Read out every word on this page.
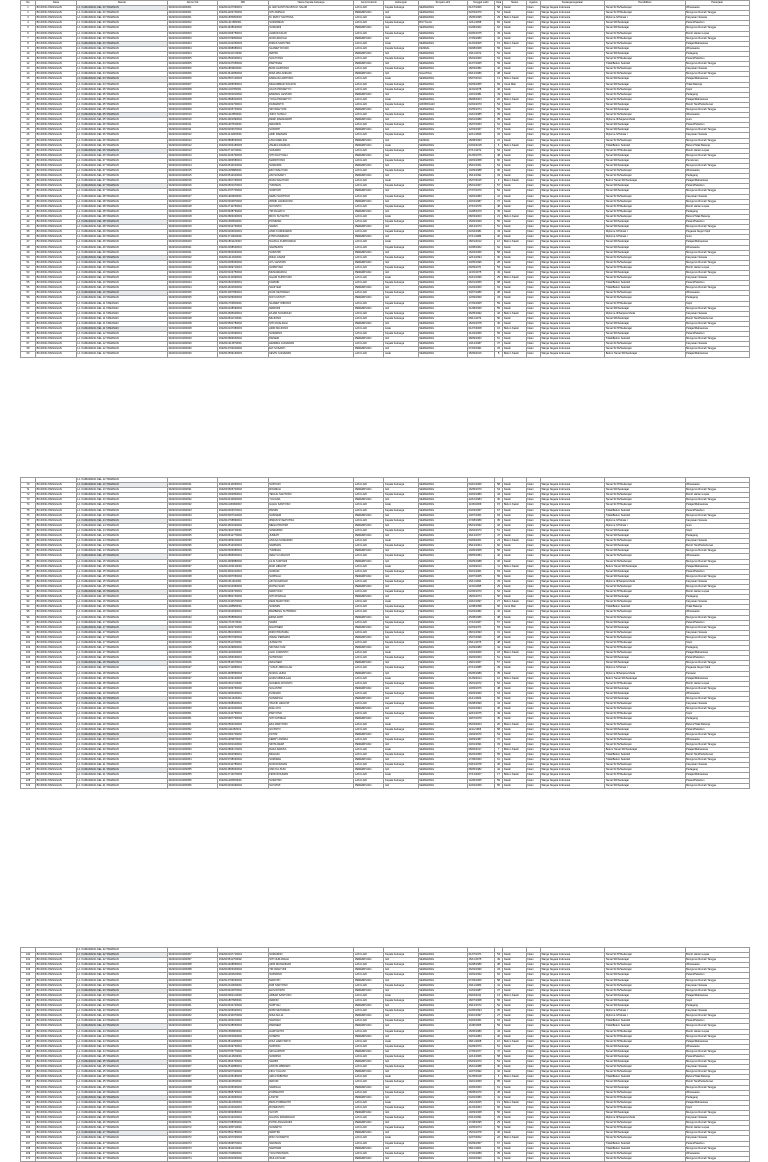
No	Desa	Alamat	Nomor Kk	NIK	Nama Kepala Keluarga	Jenis Kelamin	Hubungan	Tempat Lahir	Tanggal Lahir	Usia	Status	Agama	Kewarganegaraan	Pendidikan	Pekerjaan
1	BOJONG PAINGGAN	LJ. KAMARANG KEL.03 TAMANAN	3322010101000001	3322010107660001	H. EDI SANTOSA BIN M. SALIM	LAKI-LAKI	Kepala Keluarga	SEMARANG	01/07/1966	58	Kawin	Islam	Warga Negara Indonesia	Tamat SLTA/Sederajat	Wiraswasta
2	BOJONG PAINGGAN	LJ. KAMARANG KEL.03 TAMANAN	3322010101000001	3322014203700002	SITI AMINAH	PEREMPUAN	Istri	SEMARANG	02/03/1970	54	Kawin	Islam	Warga Negara Indonesia	Tamat SLTP/Sederajat	Mengurus Rumah Tangga
3	BOJONG PAINGGAN	LJ. KAMARANG KEL.03 TAMANAN	3322010101000001	3322011505950003	M. RIZKY SANTOSA	LAKI-LAKI	Anak	SEMARANG	15/05/1995	29	Belum Kawin	Islam	Warga Negara Indonesia	Diploma IV/Strata I	Karyawan Swasta
4	BOJONG PAINGGAN	LJ. KAMARANG KEL.03 TAMANAN	3322010101000002	3322011211580001	SUPARMAN	LAKI-LAKI	Kepala Keluarga	BOYOLALI	12/11/1958	66	Kawin	Islam	Warga Negara Indonesia	Tamat SD/Sederajat	Petani/Pekebun
5	BOJONG PAINGGAN	LJ. KAMARANG KEL.03 TAMANAN	3322010101000002	3322014408620002	SUMARNI	PEREMPUAN	Istri	SEMARANG	04/08/1962	62	Kawin	Islam	Warga Negara Indonesia	Tamat SD/Sederajat	Mengurus Rumah Tangga
6	BOJONG PAINGGAN	LJ. KAMARANG KEL.03 TAMANAN	3322010101000003	3322010306750001	AHMAD FAUZI	LAKI-LAKI	Kepala Keluarga	SEMARANG	03/06/1975	49	Kawin	Islam	Warga Negara Indonesia	Tamat SLTA/Sederajat	Buruh Harian Lepas
7	BOJONG PAINGGAN	LJ. KAMARANG KEL.03 TAMANAN	3322010101000003	3322015709800002	NUR HIDAYAH	PEREMPUAN	Istri	SEMARANG	17/09/1980	44	Kawin	Islam	Warga Negara Indonesia	Tamat SLTP/Sederajat	Mengurus Rumah Tangga
8	BOJONG PAINGGAN	LJ. KAMARANG KEL.03 TAMANAN	3322010101000003	3322012102050003	DIMAS SAPUTRA	LAKI-LAKI	Anak	SEMARANG	21/02/2005	19	Belum Kawin	Islam	Warga Negara Indonesia	Tamat SLTA/Sederajat	Pelajar/Mahasiswa
9	BOJONG PAINGGAN	LJ. KAMARANG KEL.03 TAMANAN	3322010101000004	3322010908680001	SLAMET RIYADI	LAKI-LAKI	Kepala Keluarga	KENDAL	09/08/1968	56	Kawin	Islam	Warga Negara Indonesia	Tamat SD/Sederajat	Wiraswasta
10	BOJONG PAINGGAN	LJ. KAMARANG KEL.03 TAMANAN	3322010101000004	3322015011720002	WATINI	PEREMPUAN	Istri	SEMARANG	10/11/1972	52	Kawin	Islam	Warga Negara Indonesia	Tamat SD/Sederajat	Pedagang
11	BOJONG PAINGGAN	LJ. KAMARANG KEL.04 TAMANAN	3322010101000005	3322012504600001	SUGIYONO	LAKI-LAKI	Kepala Keluarga	SEMARANG	25/04/1960	64	Kawin	Islam	Warga Negara Indonesia	Tamat SLTP/Sederajat	Petani/Pekebun
12	BOJONG PAINGGAN	LJ. KAMARANG KEL.04 TAMANAN	3322010101000005	3322016107650002	PARTINAH	PEREMPUAN	Istri	SEMARANG	21/07/1965	59	Kawin	Islam	Warga Negara Indonesia	Tidak/Belum Sekolah	Mengurus Rumah Tangga
13	BOJONG PAINGGAN	LJ. KAMARANG KEL.04 TAMANAN	3322010101000006	3322011803820001	BUDI HARTONO	LAKI-LAKI	Kepala Keluarga	SEMARANG	18/03/1982	42	Kawin	Islam	Warga Negara Indonesia	Tamat SLTA/Sederajat	Karyawan Swasta
14	BOJONG PAINGGAN	LJ. KAMARANG KEL.04 TAMANAN	3322010101000006	3322014612860002	RINA WULANDARI	PEREMPUAN	Istri	SALATIGA	06/12/1986	38	Kawin	Islam	Warga Negara Indonesia	Tamat SLTA/Sederajat	Mengurus Rumah Tangga
15	BOJONG PAINGGAN	LJ. KAMARANG KEL.04 TAMANAN	3322010101000006	3322010507100003	FARHAN HARTONO	LAKI-LAKI	Anak	SEMARANG	05/07/2010	14	Belum Kawin	Islam	Warga Negara Indonesia	Tamat SD/Sederajat	Pelajar/Mahasiswa
16	BOJONG PAINGGAN	LJ. KAMARANG KEL.04 TAMANAN	3322010101000007	3322012009550001	MUHAMMAD SOLIKIN	LAKI-LAKI	Kepala Keluarga	SEMARANG	20/09/1955	69	Cerai Mati	Islam	Warga Negara Indonesia	Tamat SD/Sederajat	Tidak Bekerja
17	BOJONG PAINGGAN	LJ. KAMARANG KEL.05 TAMANAN	3322010101000008	3322011104780001	AGUS PRASETYO	LAKI-LAKI	Kepala Keluarga	SEMARANG	11/04/1978	46	Kawin	Islam	Warga Negara Indonesia	Tamat SLTA/Sederajat	Sopir
18	BOJONG PAINGGAN	LJ. KAMARANG KEL.05 TAMANAN	3322010101000008	3322015301810002	ENDANG LESTARI	PEREMPUAN	Istri	SEMARANG	13/01/1981	43	Kawin	Islam	Warga Negara Indonesia	Tamat SLTA/Sederajat	Pedagang
19	BOJONG PAINGGAN	LJ. KAMARANG KEL.05 TAMANAN	3322010101000008	3322012808040003	YOGA PRASETYO	LAKI-LAKI	Anak	SEMARANG	28/08/2004	20	Belum Kawin	Islam	Warga Negara Indonesia	Tamat SLTA/Sederajat	Pelajar/Mahasiswa
20	BOJONG PAINGGAN	LJ. KAMARANG KEL.05 TAMANAN	3322010101000009	3322010202700001	KASMANTO	LAKI-LAKI	Kepala Keluarga	GROBOGAN	02/02/1970	54	Kawin	Islam	Warga Negara Indonesia	Tamat SD/Sederajat	Buruh Tani/Perkebunan
21	BOJONG PAINGGAN	LJ. KAMARANG KEL.05 TAMANAN	3322010101000009	3322016405740002	SRI WAHYUNI	PEREMPUAN	Istri	SEMARANG	24/05/1974	50	Kawin	Islam	Warga Negara Indonesia	Tamat SD/Sederajat	Mengurus Rumah Tangga
22	BOJONG PAINGGAN	LJ. KAMARANG KEL.05 TAMANAN	3322010101000010	3322011410850001	JOKO SUSILO	LAKI-LAKI	Kepala Keluarga	SEMARANG	14/10/1985	39	Kawin	Islam	Warga Negara Indonesia	Tamat SLTA/Sederajat	Wiraswasta
23	BOJONG PAINGGAN	LJ. KAMARANG KEL.05 TAMANAN	3322010101000010	3322014901890002	DEWI RAHMAWATI	PEREMPUAN	Istri	SEMARANG	09/01/1989	35	Kawin	Islam	Warga Negara Indonesia	Diploma III/Sarjana Muda	Guru
24	BOJONG PAINGGAN	LJ. KAMARANG KEL.06 TAMANAN	3322010101000011	3322011607630001	WAGIMIN	LAKI-LAKI	Kepala Keluarga	SEMARANG	16/07/1963	61	Kawin	Islam	Warga Negara Indonesia	Tamat SD/Sederajat	Petani/Pekebun
25	BOJONG PAINGGAN	LJ. KAMARANG KEL.06 TAMANAN	3322010101000011	3322015203670002	SUPARTI	PEREMPUAN	Istri	SEMARANG	12/03/1967	57	Kawin	Islam	Warga Negara Indonesia	Tamat SD/Sederajat	Mengurus Rumah Tangga
26	BOJONG PAINGGAN	LJ. KAMARANG KEL.06 TAMANAN	3322010101000012	3322012211900001	ARIF RAHMAN	LAKI-LAKI	Kepala Keluarga	SEMARANG	22/11/1990	34	Kawin	Islam	Warga Negara Indonesia	Diploma IV/Strata I	Karyawan Swasta
27	BOJONG PAINGGAN	LJ. KAMARANG KEL.06 TAMANAN	3322010101000012	3322015808930002	LINA MARLINA	PEREMPUAN	Istri	KENDAL	18/08/1993	31	Kawin	Islam	Warga Negara Indonesia	Tamat SLTA/Sederajat	Mengurus Rumah Tangga
28	BOJONG PAINGGAN	LJ. KAMARANG KEL.06 TAMANAN	3322010101000012	3322010304180003	ZAHRA RAHMAN	PEREMPUAN	Anak	SEMARANG	03/04/2018	6	Belum Kawin	Islam	Warga Negara Indonesia	Tidak/Belum Sekolah	Belum/Tidak Bekerja
29	BOJONG PAINGGAN	LJ. KAMARANG KEL.06 TAMANAN	3322010101000013	3322010711720001	SUKARDI	LAKI-LAKI	Kepala Keluarga	SEMARANG	07/11/1972	52	Kawin	Islam	Warga Negara Indonesia	Tamat SLTP/Sederajat	Buruh Harian Lepas
30	BOJONG PAINGGAN	LJ. KAMARANG KEL.06 TAMANAN	3322010101000013	3322014106760002	SITI KHOTIJAH	PEREMPUAN	Istri	SEMARANG	01/06/1976	48	Kawin	Islam	Warga Negara Indonesia	Tamat SD/Sederajat	Mengurus Rumah Tangga
31	BOJONG PAINGGAN	LJ. KAMARANG KEL.07 TAMANAN	3322010101000014	3322012903580001	MARDIYONO	LAKI-LAKI	Kepala Keluarga	SEMARANG	29/03/1958	66	Kawin	Islam	Warga Negara Indonesia	Tamat SD/Sederajat	Pensiunan
32	BOJONG PAINGGAN	LJ. KAMARANG KEL.07 TAMANAN	3322010101000014	3322016510610002	SUWARNI	PEREMPUAN	Istri	SEMARANG	25/10/1961	63	Kawin	Islam	Warga Negara Indonesia	Tamat SD/Sederajat	Mengurus Rumah Tangga
33	BOJONG PAINGGAN	LJ. KAMARANG KEL.07 TAMANAN	3322010101000015	3322011009880001	EKO WAHYUDI	LAKI-LAKI	Kepala Keluarga	SEMARANG	10/09/1988	36	Kawin	Islam	Warga Negara Indonesia	Tamat SLTA/Sederajat	Wiraswasta
34	BOJONG PAINGGAN	LJ. KAMARANG KEL.07 TAMANAN	3322010101000015	3322015512910002	ANI SUSANTI	PEREMPUAN	Istri	SEMARANG	15/12/1991	33	Kawin	Islam	Warga Negara Indonesia	Tamat SLTA/Sederajat	Pedagang
35	BOJONG PAINGGAN	LJ. KAMARANG KEL.07 TAMANAN	3322010101000015	3322012607150003	RAFA WAHYUDI	LAKI-LAKI	Anak	SEMARANG	26/07/2015	9	Belum Kawin	Islam	Warga Negara Indonesia	Belum Tamat SD/Sederajat	Pelajar/Mahasiswa
36	BOJONG PAINGGAN	LJ. KAMARANG KEL.07 TAMANAN	3322010101000016	3322010501670001	TUKIMAN	LAKI-LAKI	Kepala Keluarga	SEMARANG	05/01/1967	57	Kawin	Islam	Warga Negara Indonesia	Tamat SD/Sederajat	Petani/Pekebun
37	BOJONG PAINGGAN	LJ. KAMARANG KEL.07 TAMANAN	3322010101000016	3322014707700002	SUMIYATI	PEREMPUAN	Istri	SEMARANG	07/07/1970	54	Kawin	Islam	Warga Negara Indonesia	Tamat SD/Sederajat	Mengurus Rumah Tangga
38	BOJONG PAINGGAN	LJ. KAMARANG KEL.08 TAMANAN	3322010101000017	3322011902830001	HERU SANTOSO	LAKI-LAKI	Kepala Keluarga	SEMARANG	19/02/1983	41	Kawin	Islam	Warga Negara Indonesia	Tamat SLTA/Sederajat	Karyawan Swasta
39	BOJONG PAINGGAN	LJ. KAMARANG KEL.08 TAMANAN	3322010101000017	3322016304870002	WIWIK HANDAYANI	PEREMPUAN	Istri	SEMARANG	23/04/1987	37	Kawin	Islam	Warga Negara Indonesia	Tamat SLTA/Sederajat	Mengurus Rumah Tangga
40	BOJONG PAINGGAN	LJ. KAMARANG KEL.08 TAMANAN	3322010101000018	3322012710760001	SUYANTO	LAKI-LAKI	Kepala Keluarga	SEMARANG	27/10/1976	48	Kawin	Islam	Warga Negara Indonesia	Tamat SLTP/Sederajat	Buruh Harian Lepas
41	BOJONG PAINGGAN	LJ. KAMARANG KEL.08 TAMANAN	3322010101000018	3322015408790002	TRI RAHAYU	PEREMPUAN	Istri	SEMARANG	14/08/1979	45	Kawin	Islam	Warga Negara Indonesia	Tamat SLTP/Sederajat	Pedagang
42	BOJONG PAINGGAN	LJ. KAMARANG KEL.08 TAMANAN	3322010101000018	3322010803030003	BAYU SUYANTO	LAKI-LAKI	Anak	SEMARANG	08/03/2003	21	Belum Kawin	Islam	Warga Negara Indonesia	Tamat SLTA/Sederajat	Belum/Tidak Bekerja
43	BOJONG PAINGGAN	LJ. KAMARANG KEL.08 TAMANAN	3322010101000019	3322011506690001	PONIMAN	LAKI-LAKI	Kepala Keluarga	SEMARANG	15/06/1969	55	Kawin	Islam	Warga Negara Indonesia	Tamat SD/Sederajat	Petani/Pekebun
44	BOJONG PAINGGAN	LJ. KAMARANG KEL.08 TAMANAN	3322010101000019	3322015912730002	SARMI	PEREMPUAN	Istri	SEMARANG	19/12/1973	51	Kawin	Islam	Warga Negara Indonesia	Tamat SD/Sederajat	Mengurus Rumah Tangga
45	BOJONG PAINGGAN	LJ. KAMARANG KEL.09 TAMANAN	3322010101000020	3322010204810001	ANDI KURNIAWAN	LAKI-LAKI	Kepala Keluarga	SEMARANG	02/04/1981	43	Kawin	Islam	Warga Negara Indonesia	Diploma IV/Strata I	Pegawai Negeri Sipil
46	BOJONG PAINGGAN	LJ. KAMARANG KEL.09 TAMANAN	3322010101000020	3322014711840002	FITRI ANDRIANI	PEREMPUAN	Istri	SEMARANG	07/11/1984	40	Kawin	Islam	Warga Negara Indonesia	Diploma IV/Strata I	Guru
47	BOJONG PAINGGAN	LJ. KAMARANG KEL.09 TAMANAN	3322010101000020	3322011801120003	NAUFAL KURNIAWAN	LAKI-LAKI	Anak	SEMARANG	18/01/2012	12	Belum Kawin	Islam	Warga Negara Indonesia	Tamat SD/Sederajat	Pelajar/Mahasiswa
48	BOJONG PAINGGAN	LJ. KAMARANG KEL.09 TAMANAN	3322010101000021	3322012308620001	SAMSUDIN	LAKI-LAKI	Kepala Keluarga	SEMARANG	23/08/1962	62	Kawin	Islam	Warga Negara Indonesia	Tamat SD/Sederajat	Wiraswasta
49	BOJONG PAINGGAN	LJ. KAMARANG KEL.09 TAMANAN	3322010101000021	3322015602660002	SURATMI	PEREMPUAN	Istri	SEMARANG	16/02/1966	58	Kawin	Islam	Warga Negara Indonesia	Tamat SD/Sederajat	Mengurus Rumah Tangga
50	BOJONG PAINGGAN	LJ. KAMARANG KEL.09 TAMANAN	3322010101000022	3322011212940001	RIZAL FAHMI	LAKI-LAKI	Kepala Keluarga	SEMARANG	12/12/1994	30	Kawin	Islam	Warga Negara Indonesia	Tamat SLTA/Sederajat	Karyawan Swasta
51	BOJONG PAINGGAN	LJ. KAMARANG KEL.09 TAMANAN	3322010101000022	3322016005960002	AYU LESTARI	PEREMPUAN	Istri	SEMARANG	20/05/1996	28	Kawin	Islam	Warga Negara Indonesia	Tamat SLTA/Sederajat	Mengurus Rumah Tangga
52	BOJONG PAINGGAN	LJ. KAMARANG KEL.10 TAMANAN	3322010101000023	3322010909710001	SUPRIYADI	LAKI-LAKI	Kepala Keluarga	SEMARANG	09/09/1971	53	Kawin	Islam	Warga Negara Indonesia	Tamat SLTP/Sederajat	Buruh Harian Lepas
53	BOJONG PAINGGAN	LJ. KAMARANG KEL.10 TAMANAN	3322010101000023	3322015103750002	MUNAWAROH	PEREMPUAN	Istri	SEMARANG	11/03/1975	49	Kawin	Islam	Warga Negara Indonesia	Tamat SD/Sederajat	Mengurus Rumah Tangga
54	BOJONG PAINGGAN	LJ. KAMARANG KEL.10 TAMANAN	3322010101000023	3322012410990003	ILHAM SUPRIYADI	LAKI-LAKI	Anak	SEMARANG	24/10/1999	25	Belum Kawin	Islam	Warga Negara Indonesia	Tamat SLTA/Sederajat	Karyawan Swasta
55	BOJONG PAINGGAN	LJ. KAMARANG KEL.10 TAMANAN	3322010101000024	3322010601560001	KARMIN	LAKI-LAKI	Kepala Keluarga	SEMARANG	06/01/1956	68	Kawin	Islam	Warga Negara Indonesia	Tidak/Belum Sekolah	Petani/Pekebun
56	BOJONG PAINGGAN	LJ. KAMARANG KEL.10 TAMANAN	3322010101000024	3322014404600002	SANIYEM	PEREMPUAN	Istri	SEMARANG	04/04/1960	64	Kawin	Islam	Warga Negara Indonesia	Tidak/Belum Sekolah	Mengurus Rumah Tangga
57	BOJONG PAINGGAN	LJ. KAMARANG KEL.10 TAMANAN	3322010101000025	3322013007860001	DANI SETIAWAN	LAKI-LAKI	Kepala Keluarga	SEMARANG	30/07/1986	38	Kawin	Islam	Warga Negara Indonesia	Tamat SLTA/Sederajat	Wiraswasta
58	BOJONG PAINGGAN	LJ. KAMARANG KEL.10 TAMANAN	3322010101000025	3322015209900002	NOVI ASTUTI	PEREMPUAN	Istri	SEMARANG	12/09/1990	34	Kawin	Islam	Warga Negara Indonesia	Tamat SLTA/Sederajat	Pedagang
59	BOJONG PAINGGAN	LJ. KAMARANG KEL.11 TAMANAN	3322010101000026	3322011703650001	SLAMET WIDODO	LAKI-LAKI	Kepala Keluarga	SEMARANG	17/03/1965	59	Kawin	Islam	Warga Negara Indonesia	Tamat SLTP/Sederajat	Sopir
60	BOJONG PAINGGAN	LJ. KAMARANG KEL.11 TAMANAN	3322010101000026	3322016108690002	WARSINI	PEREMPUAN	Istri	SEMARANG	21/08/1969	55	Kawin	Islam	Warga Negara Indonesia	Tamat SD/Sederajat	Mengurus Rumah Tangga
61	BOJONG PAINGGAN	LJ. KAMARANG KEL.11 TAMANAN	3322010101000027	3322012605920001	FAJAR NUGROHO	LAKI-LAKI	Kepala Keluarga	SEMARANG	26/05/1992	32	Belum Kawin	Islam	Warga Negara Indonesia	Diploma III/Sarjana Muda	Karyawan Swasta
62	BOJONG PAINGGAN	LJ. KAMARANG KEL.11 TAMANAN	3322010101000028	3322010811740001	MUJIONO	LAKI-LAKI	Kepala Keluarga	SEMARANG	08/11/1974	50	Kawin	Islam	Warga Negara Indonesia	Tamat SD/Sederajat	Buruh Tani/Perkebunan
63	BOJONG PAINGGAN	LJ. KAMARANG KEL.11 TAMANAN	3322010101000028	3322015502780002	SITI MUALIFAH	PEREMPUAN	Istri	SEMARANG	15/02/1978	46	Kawin	Islam	Warga Negara Indonesia	Tamat SD/Sederajat	Mengurus Rumah Tangga
64	BOJONG PAINGGAN	LJ. KAMARANG KEL.11 TAMANAN	3322010101000028	3322010107080003	ARDI MUJIONO	LAKI-LAKI	Anak	SEMARANG	01/07/2008	16	Belum Kawin	Islam	Warga Negara Indonesia	Tamat SLTP/Sederajat	Pelajar/Mahasiswa
65	BOJONG PAINGGAN	LJ. KAMARANG KEL.12 TAMANAN	3322010101000029	3322012104590001	SUDARNO	LAKI-LAKI	Kepala Keluarga	SEMARANG	21/04/1959	65	Kawin	Islam	Warga Negara Indonesia	Tamat SD/Sederajat	Petani/Pekebun
66	BOJONG PAINGGAN	LJ. KAMARANG KEL.12 TAMANAN	3322010101000029	3322016809630002	PAINEM	PEREMPUAN	Istri	SEMARANG	28/09/1963	61	Kawin	Islam	Warga Negara Indonesia	Tidak/Belum Sekolah	Mengurus Rumah Tangga
67	BOJONG PAINGGAN	LJ. KAMARANG KEL.12 TAMANAN	3322010101000030	3322011312870001	HENDRA GUNAWAN	LAKI-LAKI	Kepala Keluarga	SEMARANG	13/12/1987	37	Kawin	Islam	Warga Negara Indonesia	Tamat SLTA/Sederajat	Karyawan Swasta
68	BOJONG PAINGGAN	LJ. KAMARANG KEL.12 TAMANAN	3322010101000030	3322014703910002	EVI SUSANTI	PEREMPUAN	Istri	SEMARANG	07/03/1991	33	Kawin	Islam	Warga Negara Indonesia	Tamat SLTA/Sederajat	Mengurus Rumah Tangga
69	BOJONG PAINGGAN	LJ. KAMARANG KEL.12 TAMANAN	3322010101000030	3322012509160003	KEVIN GUNAWAN	LAKI-LAKI	Anak	SEMARANG	25/09/2016	8	Belum Kawin	Islam	Warga Negara Indonesia	Belum Tamat SD/Sederajat	Pelajar/Mahasiswa
		LJ. KAMARANG KEL.12 TAMANAN													
70	BOJONG PAINGGAN	LJ. KAMARANG KEL.13 TAMANAN	3322010101000031	3322010410660001	SURYADI	LAKI-LAKI	Kepala Keluarga	SEMARANG	04/10/1966	58	Kawin	Islam	Warga Negara Indonesia	Tamat SLTP/Sederajat	Wiraswasta
71	BOJONG PAINGGAN	LJ. KAMARANG KEL.13 TAMANAN	3322010101000031	3322015605700002	ROHMAH	PEREMPUAN	Istri	SEMARANG	16/05/1970	54	Kawin	Islam	Warga Negara Indonesia	Tamat SD/Sederajat	Mengurus Rumah Tangga
72	BOJONG PAINGGAN	LJ. KAMARANG KEL.13 TAMANAN	3322010101000032	3322012002800001	TEGUH SANTOSO	LAKI-LAKI	Kepala Keluarga	SEMARANG	20/02/1980	44	Kawin	Islam	Warga Negara Indonesia	Tamat SLTA/Sederajat	Buruh Harian Lepas
73	BOJONG PAINGGAN	LJ. KAMARANG KEL.13 TAMANAN	3322010101000032	3322016210840002	YULIANA	PEREMPUAN	Istri	SEMARANG	22/10/1984	40	Kawin	Islam	Warga Negara Indonesia	Tamat SLTA/Sederajat	Mengurus Rumah Tangga
74	BOJONG PAINGGAN	LJ. KAMARANG KEL.13 TAMANAN	3322010101000032	3322011106090003	GALIH SANTOSO	LAKI-LAKI	Anak	SEMARANG	11/06/2009	15	Belum Kawin	Islam	Warga Negara Indonesia	Tamat SLTP/Sederajat	Pelajar/Mahasiswa
75	BOJONG PAINGGAN	LJ. KAMARANG KEL.13 TAMANAN	3322010101000033	3322010303570001	PAIMIN	LAKI-LAKI	Kepala Keluarga	SEMARANG	03/03/1957	67	Kawin	Islam	Warga Negara Indonesia	Tidak/Belum Sekolah	Petani/Pekebun
76	BOJONG PAINGGAN	LJ. KAMARANG KEL.13 TAMANAN	3322010101000033	3322015007610002	SUKINEM	PEREMPUAN	Istri	SEMARANG	10/07/1961	63	Kawin	Islam	Warga Negara Indonesia	Tidak/Belum Sekolah	Mengurus Rumah Tangga
77	BOJONG PAINGGAN	LJ. KAMARANG KEL.14 TAMANAN	3322010101000034	3322012708890001	IRWAN SYAHPUTRA	LAKI-LAKI	Kepala Keluarga	SEMARANG	27/08/1989	35	Kawin	Islam	Warga Negara Indonesia	Diploma IV/Strata I	Karyawan Swasta
78	BOJONG PAINGGAN	LJ. KAMARANG KEL.14 TAMANAN	3322010101000034	3322014501920002	MEGA PRATIWI	PEREMPUAN	Istri	SEMARANG	05/01/1992	32	Kawin	Islam	Warga Negara Indonesia	Diploma IV/Strata I	Guru
79	BOJONG PAINGGAN	LJ. KAMARANG KEL.14 TAMANAN	3322010101000035	3322011904730001	SUWARNO	LAKI-LAKI	Kepala Keluarga	SEMARANG	19/04/1973	51	Kawin	Islam	Warga Negara Indonesia	Tamat SD/Sederajat	Sopir
80	BOJONG PAINGGAN	LJ. KAMARANG KEL.14 TAMANAN	3322010101000035	3322016612770002	JUMIATI	PEREMPUAN	Istri	SEMARANG	26/12/1977	47	Kawin	Islam	Warga Negara Indonesia	Tamat SD/Sederajat	Pedagang
81	BOJONG PAINGGAN	LJ. KAMARANG KEL.14 TAMANAN	3322010101000035	3322010909010003	ANGGA SUWARNO	LAKI-LAKI	Anak	SEMARANG	09/09/2001	23	Belum Kawin	Islam	Warga Negara Indonesia	Tamat SLTA/Sederajat	Karyawan Swasta
82	BOJONG PAINGGAN	LJ. KAMARANG KEL.14 TAMANAN	3322010101000036	3322012512640001	SARIMAN	LAKI-LAKI	Kepala Keluarga	SEMARANG	25/12/1964	60	Kawin	Islam	Warga Negara Indonesia	Tamat SD/Sederajat	Buruh Tani/Perkebunan
83	BOJONG PAINGGAN	LJ. KAMARANG KEL.14 TAMANAN	3322010101000036	3322015306680002	TUMINAH	PEREMPUAN	Istri	SEMARANG	13/06/1968	56	Kawin	Islam	Warga Negara Indonesia	Tamat SD/Sederajat	Mengurus Rumah Tangga
84	BOJONG PAINGGAN	LJ. KAMARANG KEL.15 TAMANAN	3322010101000037	3322010805840001	WAHYU HIDAYAT	LAKI-LAKI	Kepala Keluarga	SEMARANG	08/05/1984	40	Kawin	Islam	Warga Negara Indonesia	Tamat SLTA/Sederajat	Wiraswasta
85	BOJONG PAINGGAN	LJ. KAMARANG KEL.15 TAMANAN	3322010101000037	3322014909880002	LILIS SURYANI	PEREMPUAN	Istri	SEMARANG	09/09/1988	36	Kawin	Islam	Warga Negara Indonesia	Tamat SLTA/Sederajat	Mengurus Rumah Tangga
86	BOJONG PAINGGAN	LJ. KAMARANG KEL.15 TAMANAN	3322010101000037	3322011403130003	RAFI HIDAYAT	LAKI-LAKI	Anak	SEMARANG	14/03/2013	11	Belum Kawin	Islam	Warga Negara Indonesia	Belum Tamat SD/Sederajat	Pelajar/Mahasiswa
87	BOJONG PAINGGAN	LJ. KAMARANG KEL.15 TAMANAN	3322010101000038	3322013001610001	SUMADI	LAKI-LAKI	Kepala Keluarga	SEMARANG	30/01/1961	63	Kawin	Islam	Warga Negara Indonesia	Tamat SD/Sederajat	Petani/Pekebun
88	BOJONG PAINGGAN	LJ. KAMARANG KEL.15 TAMANAN	3322010101000038	3322016007650002	SUPINAH	PEREMPUAN	Istri	SEMARANG	20/07/1965	59	Kawin	Islam	Warga Negara Indonesia	Tamat SD/Sederajat	Mengurus Rumah Tangga
89	BOJONG PAINGGAN	LJ. KAMARANG KEL.15 TAMANAN	3322010101000039	3322011611910001	ADI NUGROHO	LAKI-LAKI	Kepala Keluarga	SEMARANG	16/11/1991	33	Kawin	Islam	Warga Negara Indonesia	Diploma III/Sarjana Muda	Karyawan Swasta
90	BOJONG PAINGGAN	LJ. KAMARANG KEL.15 TAMANAN	3322010101000039	3322015104950002	RATNA SARI	PEREMPUAN	Istri	SEMARANG	11/04/1995	29	Kawin	Islam	Warga Negara Indonesia	Tamat SLTA/Sederajat	Mengurus Rumah Tangga
91	BOJONG PAINGGAN	LJ. KAMARANG KEL.16 TAMANAN	3322010101000040	3322010206700001	MARYONO	LAKI-LAKI	Kepala Keluarga	SEMARANG	02/06/1970	54	Kawin	Islam	Warga Negara Indonesia	Tamat SLTP/Sederajat	Buruh Harian Lepas
92	BOJONG PAINGGAN	LJ. KAMARANG KEL.16 TAMANAN	3322010101000040	3322015802740002	SITI ROMLAH	PEREMPUAN	Istri	SEMARANG	18/02/1974	50	Kawin	Islam	Warga Negara Indonesia	Tamat SD/Sederajat	Pedagang
93	BOJONG PAINGGAN	LJ. KAMARANG KEL.16 TAMANAN	3322010101000040	3322012310970003	DENI MARYONO	LAKI-LAKI	Anak	SEMARANG	23/10/1997	27	Belum Kawin	Islam	Warga Negara Indonesia	Tamat SLTA/Sederajat	Karyawan Swasta
94	BOJONG PAINGGAN	LJ. KAMARANG KEL.16 TAMANAN	3322010101000041	3322011208580001	SUKIMIN	LAKI-LAKI	Kepala Keluarga	SEMARANG	12/08/1958	66	Cerai Mati	Islam	Warga Negara Indonesia	Tidak/Belum Sekolah	Tidak Bekerja
95	BOJONG PAINGGAN	LJ. KAMARANG KEL.16 TAMANAN	3322010101000042	3322010404820001	BAMBANG SUTRISNO	LAKI-LAKI	Kepala Keluarga	SEMARANG	04/04/1982	42	Kawin	Islam	Warga Negara Indonesia	Tamat SLTA/Sederajat	Wiraswasta
96	BOJONG PAINGGAN	LJ. KAMARANG KEL.16 TAMANAN	3322010101000042	3322016508860002	ERNA WATI	PEREMPUAN	Istri	SEMARANG	25/08/1986	38	Kawin	Islam	Warga Negara Indonesia	Tamat SLTA/Sederajat	Mengurus Rumah Tangga
97	BOJONG PAINGGAN	LJ. KAMARANG KEL.17 TAMANAN	3322010101000043	3322011710670001	SARDI	LAKI-LAKI	Kepala Keluarga	SEMARANG	17/10/1967	57	Kawin	Islam	Warga Negara Indonesia	Tamat SD/Sederajat	Petani/Pekebun
98	BOJONG PAINGGAN	LJ. KAMARANG KEL.17 TAMANAN	3322010101000043	3322014203710002	NGATINEM	PEREMPUAN	Istri	SEMARANG	02/03/1971	53	Kawin	Islam	Warga Negara Indonesia	Tamat SD/Sederajat	Mengurus Rumah Tangga
99	BOJONG PAINGGAN	LJ. KAMARANG KEL.17 TAMANAN	3322010101000044	3322012801930001	RIZKI PRATAMA	LAKI-LAKI	Kepala Keluarga	SEMARANG	28/01/1993	31	Kawin	Islam	Warga Negara Indonesia	Tamat SLTA/Sederajat	Karyawan Swasta
100	BOJONG PAINGGAN	LJ. KAMARANG KEL.17 TAMANAN	3322010101000044	3322015507960002	INDAH PERMATA	PEREMPUAN	Istri	SEMARANG	15/07/1996	28	Kawin	Islam	Warga Negara Indonesia	Tamat SLTA/Sederajat	Mengurus Rumah Tangga
101	BOJONG PAINGGAN	LJ. KAMARANG KEL.17 TAMANAN	3322010101000045	3322010511760001	JUWANTO	LAKI-LAKI	Kepala Keluarga	SEMARANG	05/11/1976	48	Kawin	Islam	Warga Negara Indonesia	Tamat SLTP/Sederajat	Sopir
102	BOJONG PAINGGAN	LJ. KAMARANG KEL.17 TAMANAN	3322010101000045	3322016409800002	SRI MULYANI	PEREMPUAN	Istri	SEMARANG	24/09/1980	44	Kawin	Islam	Warga Negara Indonesia	Tamat SLTP/Sederajat	Pedagang
103	BOJONG PAINGGAN	LJ. KAMARANG KEL.17 TAMANAN	3322010101000045	3322011302060003	ALDI JUWANTO	LAKI-LAKI	Anak	SEMARANG	13/02/2006	18	Belum Kawin	Islam	Warga Negara Indonesia	Tamat SLTA/Sederajat	Pelajar/Mahasiswa
104	BOJONG PAINGGAN	LJ. KAMARANG KEL.18 TAMANAN	3322010101000046	3322012003630001	SUTRISNO	LAKI-LAKI	Kepala Keluarga	SEMARANG	20/03/1963	61	Kawin	Islam	Warga Negara Indonesia	Tamat SD/Sederajat	Petani/Pekebun
105	BOJONG PAINGGAN	LJ. KAMARANG KEL.18 TAMANAN	3322010101000046	3322015810670002	WAGINEM	PEREMPUAN	Istri	SEMARANG	18/10/1967	57	Kawin	Islam	Warga Negara Indonesia	Tamat SD/Sederajat	Mengurus Rumah Tangga
106	BOJONG PAINGGAN	LJ. KAMARANG KEL.18 TAMANAN	3322010101000047	3322010712850001	YUSUF ABDULLAH	LAKI-LAKI	Kepala Keluarga	SEMARANG	07/12/1985	39	Kawin	Islam	Warga Negara Indonesia	Diploma IV/Strata I	Pegawai Negeri Sipil
107	BOJONG PAINGGAN	LJ. KAMARANG KEL.18 TAMANAN	3322010101000047	3322014605890002	NURUL HUDA	PEREMPUAN	Istri	SEMARANG	06/05/1989	35	Kawin	Islam	Warga Negara Indonesia	Diploma III/Sarjana Muda	Perawat
108	BOJONG PAINGGAN	LJ. KAMARANG KEL.18 TAMANAN	3322010101000047	3322012109140003	HAFIZ ABDULLAH	LAKI-LAKI	Anak	SEMARANG	21/09/2014	10	Belum Kawin	Islam	Warga Negara Indonesia	Belum Tamat SD/Sederajat	Pelajar/Mahasiswa
109	BOJONG PAINGGAN	LJ. KAMARANG KEL.18 TAMANAN	3322010101000048	3322011501720001	SUGENG RIYANTO	LAKI-LAKI	Kepala Keluarga	SEMARANG	15/01/1972	52	Kawin	Islam	Warga Negara Indonesia	Tamat SLTP/Sederajat	Buruh Harian Lepas
110	BOJONG PAINGGAN	LJ. KAMARANG KEL.18 TAMANAN	3322010101000048	3322015306760002	SULASTRI	PEREMPUAN	Istri	SEMARANG	13/06/1976	48	Kawin	Islam	Warga Negara Indonesia	Tamat SD/Sederajat	Mengurus Rumah Tangga
111	BOJONG PAINGGAN	LJ. KAMARANG KEL.19 TAMANAN	3322010101000049	3322012904600001	KUSNADI	LAKI-LAKI	Kepala Keluarga	SEMARANG	29/04/1960	64	Kawin	Islam	Warga Negara Indonesia	Tamat SD/Sederajat	Wiraswasta
112	BOJONG PAINGGAN	LJ. KAMARANG KEL.19 TAMANAN	3322010101000049	3322016111640002	SUNARSIH	PEREMPUAN	Istri	SEMARANG	21/11/1964	60	Kawin	Islam	Warga Negara Indonesia	Tamat SD/Sederajat	Mengurus Rumah Tangga
113	BOJONG PAINGGAN	LJ. KAMARANG KEL.19 TAMANAN	3322010101000050	3322010608900001	TAUFIK HIDAYAT	LAKI-LAKI	Kepala Keluarga	SEMARANG	06/08/1990	34	Kawin	Islam	Warga Negara Indonesia	Tamat SLTA/Sederajat	Karyawan Swasta
114	BOJONG PAINGGAN	LJ. KAMARANG KEL.19 TAMANAN	3322010101000050	3322014402940002	DIAH AYU	PEREMPUAN	Istri	SEMARANG	04/02/1994	30	Kawin	Islam	Warga Negara Indonesia	Tamat SLTA/Sederajat	Mengurus Rumah Tangga
115	BOJONG PAINGGAN	LJ. KAMARANG KEL.19 TAMANAN	3322010101000051	3322012210750001	PARYONO	LAKI-LAKI	Kepala Keluarga	SEMARANG	22/10/1975	49	Kawin	Islam	Warga Negara Indonesia	Tamat SLTP/Sederajat	Sopir
116	BOJONG PAINGGAN	LJ. KAMARANG KEL.19 TAMANAN	3322010101000051	3322015907790002	SITI FATIMAH	PEREMPUAN	Istri	SEMARANG	19/07/1979	45	Kawin	Islam	Warga Negara Indonesia	Tamat SLTP/Sederajat	Pedagang
117	BOJONG PAINGGAN	LJ. KAMARANG KEL.19 TAMANAN	3322010101000051	3322010503040003	EKA PARYONO	LAKI-LAKI	Anak	SEMARANG	05/03/2004	20	Belum Kawin	Islam	Warga Negara Indonesia	Tamat SLTA/Sederajat	Belum/Tidak Bekerja
118	BOJONG PAINGGAN	LJ. KAMARANG KEL.20 TAMANAN	3322010101000052	3322011111660001	GIYANTO	LAKI-LAKI	Kepala Keluarga	SEMARANG	11/11/1966	58	Kawin	Islam	Warga Negara Indonesia	Tamat SD/Sederajat	Petani/Pekebun
119	BOJONG PAINGGAN	LJ. KAMARANG KEL.20 TAMANAN	3322010101000052	3322015004700002	KATINI	PEREMPUAN	Istri	SEMARANG	10/04/1970	54	Kawin	Islam	Warga Negara Indonesia	Tamat SD/Sederajat	Mengurus Rumah Tangga
120	BOJONG PAINGGAN	LJ. KAMARANG KEL.20 TAMANAN	3322010101000053	3322011909870001	FERRY ANDIKA	LAKI-LAKI	Kepala Keluarga	SEMARANG	19/09/1987	37	Kawin	Islam	Warga Negara Indonesia	Tamat SLTA/Sederajat	Wiraswasta
121	BOJONG PAINGGAN	LJ. KAMARANG KEL.20 TAMANAN	3322010101000053	3322016301910002	SINTA DEWI	PEREMPUAN	Istri	SEMARANG	23/01/1991	33	Kawin	Islam	Warga Negara Indonesia	Tamat SLTA/Sederajat	Mengurus Rumah Tangga
122	BOJONG PAINGGAN	LJ. KAMARANG KEL.20 TAMANAN	3322010101000053	3322010806170003	RAKA ANDIKA	LAKI-LAKI	Anak	SEMARANG	08/06/2017	7	Belum Kawin	Islam	Warga Negara Indonesia	Belum Tamat SD/Sederajat	Pelajar/Mahasiswa
123	BOJONG PAINGGAN	LJ. KAMARANG KEL.20 TAMANAN	3322010101000054	3322012602590001	MUHADI	LAKI-LAKI	Kepala Keluarga	SEMARANG	26/02/1959	65	Kawin	Islam	Warga Negara Indonesia	Tidak/Belum Sekolah	Buruh Tani/Perkebunan
124	BOJONG PAINGGAN	LJ. KAMARANG KEL.20 TAMANAN	3322010101000054	3322015708630002	SUMIRAH	PEREMPUAN	Istri	SEMARANG	17/08/1963	61	Kawin	Islam	Warga Negara Indonesia	Tidak/Belum Sekolah	Mengurus Rumah Tangga
125	BOJONG PAINGGAN	LJ. KAMARANG KEL.21 TAMANAN	3322010101000055	3322010310780001	NUR ROHMAN	LAKI-LAKI	Kepala Keluarga	SEMARANG	03/10/1978	46	Kawin	Islam	Warga Negara Indonesia	Tamat SLTA/Sederajat	Karyawan Swasta
126	BOJONG PAINGGAN	LJ. KAMARANG KEL.21 TAMANAN	3322010101000055	3322014805820002	UMI KULSUM	PEREMPUAN	Istri	SEMARANG	08/05/1982	42	Kawin	Islam	Warga Negara Indonesia	Tamat SLTA/Sederajat	Pedagang
127	BOJONG PAINGGAN	LJ. KAMARANG KEL.21 TAMANAN	3322010101000055	3322012712070003	FIKRI ROHMAN	LAKI-LAKI	Anak	SEMARANG	27/12/2007	17	Belum Kawin	Islam	Warga Negara Indonesia	Tamat SLTP/Sederajat	Pelajar/Mahasiswa
128	BOJONG PAINGGAN	LJ. KAMARANG KEL.21 TAMANAN	3322010101000056	3322011406650001	SURATNO	LAKI-LAKI	Kepala Keluarga	SEMARANG	14/06/1965	59	Kawin	Islam	Warga Negara Indonesia	Tamat SD/Sederajat	Petani/Pekebun
129	BOJONG PAINGGAN	LJ. KAMARANG KEL.21 TAMANAN	3322010101000056	3322016202690002	SUYATMI	PEREMPUAN	Istri	SEMARANG	22/02/1969	55	Kawin	Islam	Warga Negara Indonesia	Tamat SD/Sederajat	Mengurus Rumah Tangga
		LJ. KAMARANG KEL.22 TAMANAN													
130	BOJONG PAINGGAN	LJ. KAMARANG KEL.22 TAMANAN	3322010101000057	3322010107710001	SUMARNO	LAKI-LAKI	Kepala Keluarga	SEMARANG	01/07/1971	53	Kawin	Islam	Warga Negara Indonesia	Tamat SLTP/Sederajat	Buruh Harian Lepas
131	BOJONG PAINGGAN	LJ. KAMARANG KEL.22 TAMANAN	3322010101000057	3322015511750002	SITI NURJANAH	PEREMPUAN	Istri	SEMARANG	15/11/1975	49	Kawin	Islam	Warga Negara Indonesia	Tamat SD/Sederajat	Mengurus Rumah Tangga
132	BOJONG PAINGGAN	LJ. KAMARANG KEL.22 TAMANAN	3322010101000058	3322012408860001	ARIS MUNANDAR	LAKI-LAKI	Kepala Keluarga	SEMARANG	24/08/1986	38	Kawin	Islam	Warga Negara Indonesia	Tamat SLTA/Sederajat	Wiraswasta
133	BOJONG PAINGGAN	LJ. KAMARANG KEL.22 TAMANAN	3322010101000058	3322016603900002	TRI WAHYUNI	PEREMPUAN	Istri	SEMARANG	26/03/1990	34	Kawin	Islam	Warga Negara Indonesia	Tamat SLTA/Sederajat	Mengurus Rumah Tangga
134	BOJONG PAINGGAN	LJ. KAMARANG KEL.22 TAMANAN	3322010101000059	3322011002620001	SUPARNO	LAKI-LAKI	Kepala Keluarga	SEMARANG	10/02/1962	62	Kawin	Islam	Warga Negara Indonesia	Tamat SD/Sederajat	Petani/Pekebun
135	BOJONG PAINGGAN	LJ. KAMARANG KEL.22 TAMANAN	3322010101000059	3322014709660002	MARYATI	PEREMPUAN	Istri	SEMARANG	07/09/1966	58	Kawin	Islam	Warga Negara Indonesia	Tamat SD/Sederajat	Mengurus Rumah Tangga
136	BOJONG PAINGGAN	LJ. KAMARANG KEL.23 TAMANAN	3322010101000060	3322012011830001	DWI SANTOSO	LAKI-LAKI	Kepala Keluarga	SEMARANG	20/11/1983	41	Kawin	Islam	Warga Negara Indonesia	Tamat SLTA/Sederajat	Karyawan Swasta
137	BOJONG PAINGGAN	LJ. KAMARANG KEL.23 TAMANAN	3322010101000060	3322015404870002	ELIS ROSITA	PEREMPUAN	Istri	SEMARANG	14/04/1987	37	Kawin	Islam	Warga Negara Indonesia	Tamat SLTA/Sederajat	Mengurus Rumah Tangga
138	BOJONG PAINGGAN	LJ. KAMARANG KEL.23 TAMANAN	3322010101000060	3322010902110003	AKBAR SANTOSO	LAKI-LAKI	Anak	SEMARANG	09/02/2011	13	Belum Kawin	Islam	Warga Negara Indonesia	Tamat SD/Sederajat	Pelajar/Mahasiswa
139	BOJONG PAINGGAN	LJ. KAMARANG KEL.23 TAMANAN	3322010101000061	3322011807680001	WARIDI	LAKI-LAKI	Kepala Keluarga	SEMARANG	18/07/1968	56	Kawin	Islam	Warga Negara Indonesia	Tamat SD/Sederajat	Sopir
140	BOJONG PAINGGAN	LJ. KAMARANG KEL.23 TAMANAN	3322010101000061	3322016912720002	SUPIYAH	PEREMPUAN	Istri	SEMARANG	29/12/1972	52	Kawin	Islam	Warga Negara Indonesia	Tamat SD/Sederajat	Pedagang
141	BOJONG PAINGGAN	LJ. KAMARANG KEL.23 TAMANAN	3322010101000062	3322010205940001	ROBI SETIAWAN	LAKI-LAKI	Kepala Keluarga	SEMARANG	02/05/1994	30	Kawin	Islam	Warga Negara Indonesia	Diploma IV/Strata I	Karyawan Swasta
142	BOJONG PAINGGAN	LJ. KAMARANG KEL.23 TAMANAN	3322010101000062	3322014310970002	NISA AULIA	PEREMPUAN	Istri	SEMARANG	03/10/1997	27	Kawin	Islam	Warga Negara Indonesia	Diploma IV/Strata I	Mengurus Rumah Tangga
143	BOJONG PAINGGAN	LJ. KAMARANG KEL.24 TAMANAN	3322010101000063	3322012303610001	SAMIJAN	LAKI-LAKI	Kepala Keluarga	SEMARANG	23/03/1961	63	Kawin	Islam	Warga Negara Indonesia	Tidak/Belum Sekolah	Petani/Pekebun
144	BOJONG PAINGGAN	LJ. KAMARANG KEL.24 TAMANAN	3322010101000063	3322015108650002	PARINEM	PEREMPUAN	Istri	SEMARANG	11/08/1965	59	Kawin	Islam	Warga Negara Indonesia	Tidak/Belum Sekolah	Mengurus Rumah Tangga
145	BOJONG PAINGGAN	LJ. KAMARANG KEL.24 TAMANAN	3322010101000064	3322011506800001	HARIYANTO	LAKI-LAKI	Kepala Keluarga	SEMARANG	15/06/1980	44	Kawin	Islam	Warga Negara Indonesia	Tamat SLTP/Sederajat	Buruh Harian Lepas
146	BOJONG PAINGGAN	LJ. KAMARANG KEL.24 TAMANAN	3322010101000064	3322016001840002	KUSRINI	PEREMPUAN	Istri	SEMARANG	20/01/1984	40	Kawin	Islam	Warga Negara Indonesia	Tamat SLTP/Sederajat	Mengurus Rumah Tangga
147	BOJONG PAINGGAN	LJ. KAMARANG KEL.24 TAMANAN	3322010101000064	3322012811080003	DIKA HARIYANTO	LAKI-LAKI	Anak	SEMARANG	28/11/2008	16	Belum Kawin	Islam	Warga Negara Indonesia	Tamat SLTP/Sederajat	Pelajar/Mahasiswa
148	BOJONG PAINGGAN	LJ. KAMARANG KEL.24 TAMANAN	3322010101000065	3322010409730001	SUPONO	LAKI-LAKI	Kepala Keluarga	SEMARANG	04/09/1973	51	Kawin	Islam	Warga Negara Indonesia	Tamat SD/Sederajat	Wiraswasta
149	BOJONG PAINGGAN	LJ. KAMARANG KEL.24 TAMANAN	3322010101000065	3322015705770002	SRI HARTATI	PEREMPUAN	Istri	SEMARANG	17/05/1977	47	Kawin	Islam	Warga Negara Indonesia	Tamat SD/Sederajat	Mengurus Rumah Tangga
150	BOJONG PAINGGAN	LJ. KAMARANG KEL.25 TAMANAN	3322010101000066	3322011212660001	SUKIRNO	LAKI-LAKI	Kepala Keluarga	SEMARANG	12/12/1966	58	Kawin	Islam	Warga Negara Indonesia	Tamat SD/Sederajat	Petani/Pekebun
151	BOJONG PAINGGAN	LJ. KAMARANG KEL.25 TAMANAN	3322010101000066	3322014603700002	SAMINI	PEREMPUAN	Istri	SEMARANG	06/03/1970	54	Kawin	Islam	Warga Negara Indonesia	Tamat SD/Sederajat	Mengurus Rumah Tangga
152	BOJONG PAINGGAN	LJ. KAMARANG KEL.25 TAMANAN	3322010101000067	3322012510880001	ANTON WIBOWO	LAKI-LAKI	Kepala Keluarga	SEMARANG	25/10/1988	36	Kawin	Islam	Warga Negara Indonesia	Tamat SLTA/Sederajat	Karyawan Swasta
153	BOJONG PAINGGAN	LJ. KAMARANG KEL.25 TAMANAN	3322010101000067	3322015207920002	FIKA YULIANI	PEREMPUAN	Istri	SEMARANG	12/07/1992	32	Kawin	Islam	Warga Negara Indonesia	Tamat SLTA/Sederajat	Mengurus Rumah Tangga
154	BOJONG PAINGGAN	LJ. KAMARANG KEL.25 TAMANAN	3322010101000067	3322010105180003	AZKA WIBOWO	LAKI-LAKI	Anak	SEMARANG	01/05/2018	6	Belum Kawin	Islam	Warga Negara Indonesia	Tidak/Belum Sekolah	Belum/Tidak Bekerja
155	BOJONG PAINGGAN	LJ. KAMARANG KEL.25 TAMANAN	3322010101000068	3322011901590001	WAKIDI	LAKI-LAKI	Kepala Keluarga	SEMARANG	19/01/1959	65	Kawin	Islam	Warga Negara Indonesia	Tamat SD/Sederajat	Buruh Tani/Perkebunan
156	BOJONG PAINGGAN	LJ. KAMARANG KEL.25 TAMANAN	3322010101000068	3322016306630002	SARINAH	PEREMPUAN	Istri	SEMARANG	23/06/1963	61	Kawin	Islam	Warga Negara Indonesia	Tamat SD/Sederajat	Mengurus Rumah Tangga
157	BOJONG PAINGGAN	LJ. KAMARANG KEL.26 TAMANAN	3322010101000069	3322010808790001	PURWANTO	LAKI-LAKI	Kepala Keluarga	SEMARANG	08/08/1979	45	Kawin	Islam	Warga Negara Indonesia	Tamat SLTA/Sederajat	Wiraswasta
158	BOJONG PAINGGAN	LJ. KAMARANG KEL.26 TAMANAN	3322010101000069	3322014402830002	LASTRI	PEREMPUAN	Istri	SEMARANG	04/02/1983	41	Kawin	Islam	Warga Negara Indonesia	Tamat SLTP/Sederajat	Pedagang
159	BOJONG PAINGGAN	LJ. KAMARANG KEL.26 TAMANAN	3322010101000069	3322011610050003	BIMA PURWANTO	LAKI-LAKI	Anak	SEMARANG	16/10/2005	19	Belum Kawin	Islam	Warga Negara Indonesia	Tamat SLTA/Sederajat	Pelajar/Mahasiswa
160	BOJONG PAINGGAN	LJ. KAMARANG KEL.26 TAMANAN	3322010101000070	3322012104640001	RUSDIANTO	LAKI-LAKI	Kepala Keluarga	SEMARANG	21/04/1964	60	Kawin	Islam	Warga Negara Indonesia	Tamat SLTP/Sederajat	Sopir
161	BOJONG PAINGGAN	LJ. KAMARANG KEL.26 TAMANAN	3322010101000070	3322015909680002	SUYATI	PEREMPUAN	Istri	SEMARANG	19/09/1968	56	Kawin	Islam	Warga Negara Indonesia	Tamat SD/Sederajat	Mengurus Rumah Tangga
162	BOJONG PAINGGAN	LJ. KAMARANG KEL.26 TAMANAN	3322010101000071	3322010312910001	GILANG RAMADHAN	LAKI-LAKI	Kepala Keluarga	SEMARANG	03/12/1991	33	Kawin	Islam	Warga Negara Indonesia	Diploma III/Sarjana Muda	Karyawan Swasta
163	BOJONG PAINGGAN	LJ. KAMARANG KEL.26 TAMANAN	3322010101000071	3322016708950002	PUTRI ANGGRAINI	PEREMPUAN	Istri	SEMARANG	27/08/1995	29	Kawin	Islam	Warga Negara Indonesia	Tamat SLTA/Sederajat	Mengurus Rumah Tangga
164	BOJONG PAINGGAN	LJ. KAMARANG KEL.27 TAMANAN	3322010101000072	3322011305740001	SUNARTO	LAKI-LAKI	Kepala Keluarga	SEMARANG	13/05/1974	50	Kawin	Islam	Warga Negara Indonesia	Tamat SLTP/Sederajat	Buruh Harian Lepas
165	BOJONG PAINGGAN	LJ. KAMARANG KEL.27 TAMANAN	3322010101000072	3322015501780002	WARTINI	PEREMPUAN	Istri	SEMARANG	15/01/1978	46	Kawin	Islam	Warga Negara Indonesia	Tamat SD/Sederajat	Mengurus Rumah Tangga
166	BOJONG PAINGGAN	LJ. KAMARANG KEL.27 TAMANAN	3322010101000072	3322012207020003	RIKO SUNARTO	LAKI-LAKI	Anak	SEMARANG	22/07/2002	22	Belum Kawin	Islam	Warga Negara Indonesia	Tamat SLTA/Sederajat	Karyawan Swasta
167	BOJONG PAINGGAN	LJ. KAMARANG KEL.27 TAMANAN	3322010101000073	3322010609570001	SAKIMAN	LAKI-LAKI	Kepala Keluarga	SEMARANG	06/09/1957	67	Kawin	Islam	Warga Negara Indonesia	Tidak/Belum Sekolah	Petani/Pekebun
168	BOJONG PAINGGAN	LJ. KAMARANG KEL.27 TAMANAN	3322010101000073	3322014811610002	SAMIYEM	PEREMPUAN	Istri	SEMARANG	08/11/1961	63	Kawin	Islam	Warga Negara Indonesia	Tidak/Belum Sekolah	Mengurus Rumah Tangga
169	BOJONG PAINGGAN	LJ. KAMARANG KEL.27 TAMANAN	3322010101000074	3322011702890001	YOGI PRATAMA	LAKI-LAKI	Kepala Keluarga	SEMARANG	17/02/1989	35	Kawin	Islam	Warga Negara Indonesia	Tamat SLTA/Sederajat	Wiraswasta
170	BOJONG PAINGGAN	LJ. KAMARANG KEL.27 TAMANAN	3322010101000074	3322016304930002	WULAN SARI	PEREMPUAN	Istri	SEMARANG	23/04/1993	31	Kawin	Islam	Warga Negara Indonesia	Tamat SLTA/Sederajat	Mengurus Rumah Tangga
